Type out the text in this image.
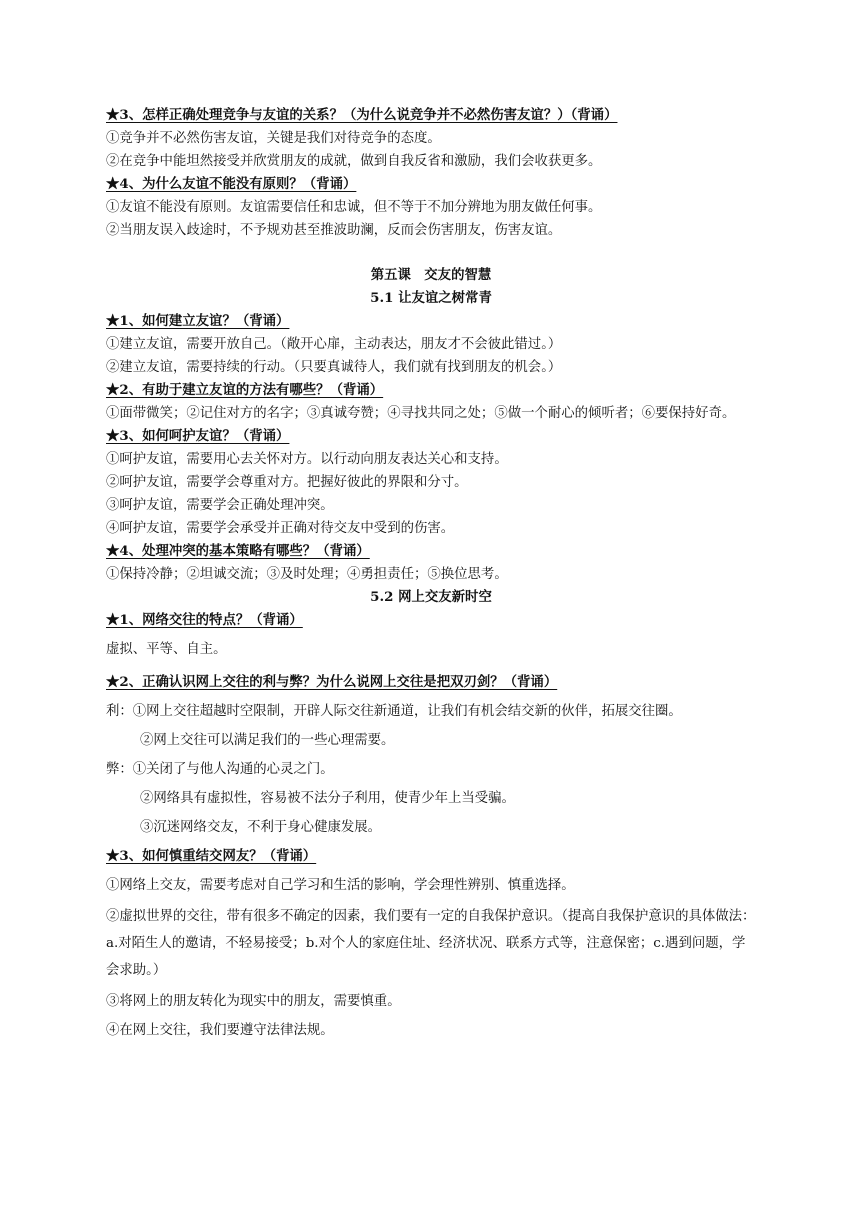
★3、怎样正确处理竞争与友谊的关系？（为什么说竞争并不必然伤害友谊？）（背诵）
①竞争并不必然伤害友谊，关键是我们对待竞争的态度。
②在竞争中能坦然接受并欣赏朋友的成就，做到自我反省和激励，我们会收获更多。
★4、为什么友谊不能没有原则？（背诵）
①友谊不能没有原则。友谊需要信任和忠诚，但不等于不加分辨地为朋友做任何事。
②当朋友误入歧途时，不予规劝甚至推波助澜，反而会伤害朋友，伤害友谊。
第五课　交友的智慧
5.1 让友谊之树常青
★1、如何建立友谊？（背诵）
①建立友谊，需要开放自己。（敞开心扉，主动表达，朋友才不会彼此错过。）
②建立友谊，需要持续的行动。（只要真诚待人，我们就有找到朋友的机会。）
★2、有助于建立友谊的方法有哪些？（背诵）
①面带微笑；②记住对方的名字；③真诚夸赞；④寻找共同之处；⑤做一个耐心的倾听者；⑥要保持好奇。
★3、如何呵护友谊？（背诵）
①呵护友谊，需要用心去关怀对方。以行动向朋友表达关心和支持。
②呵护友谊，需要学会尊重对方。把握好彼此的界限和分寸。
③呵护友谊，需要学会正确处理冲突。
④呵护友谊，需要学会承受并正确对待交友中受到的伤害。
★4、处理冲突的基本策略有哪些？（背诵）
①保持冷静；②坦诚交流；③及时处理；④勇担责任；⑤换位思考。
5.2 网上交友新时空
★1、网络交往的特点？（背诵）
虚拟、平等、自主。
★2、正确认识网上交往的利与弊？为什么说网上交往是把双刃剑？（背诵）
利：①网上交往超越时空限制，开辟人际交往新通道，让我们有机会结交新的伙伴，拓展交往圈。
②网上交往可以满足我们的一些心理需要。
弊：①关闭了与他人沟通的心灵之门。
②网络具有虚拟性，容易被不法分子利用，使青少年上当受骗。
③沉迷网络交友，不利于身心健康发展。
★3、如何慎重结交网友？（背诵）
①网络上交友，需要考虑对自己学习和生活的影响，学会理性辨别、慎重选择。
②虚拟世界的交往，带有很多不确定的因素，我们要有一定的自我保护意识。（提高自我保护意识的具体做法：a.对陌生人的邀请，不轻易接受；b.对个人的家庭住址、经济状况、联系方式等，注意保密；c.遇到问题，学会求助。）
③将网上的朋友转化为现实中的朋友，需要慎重。
④在网上交往，我们要遵守法律法规。
